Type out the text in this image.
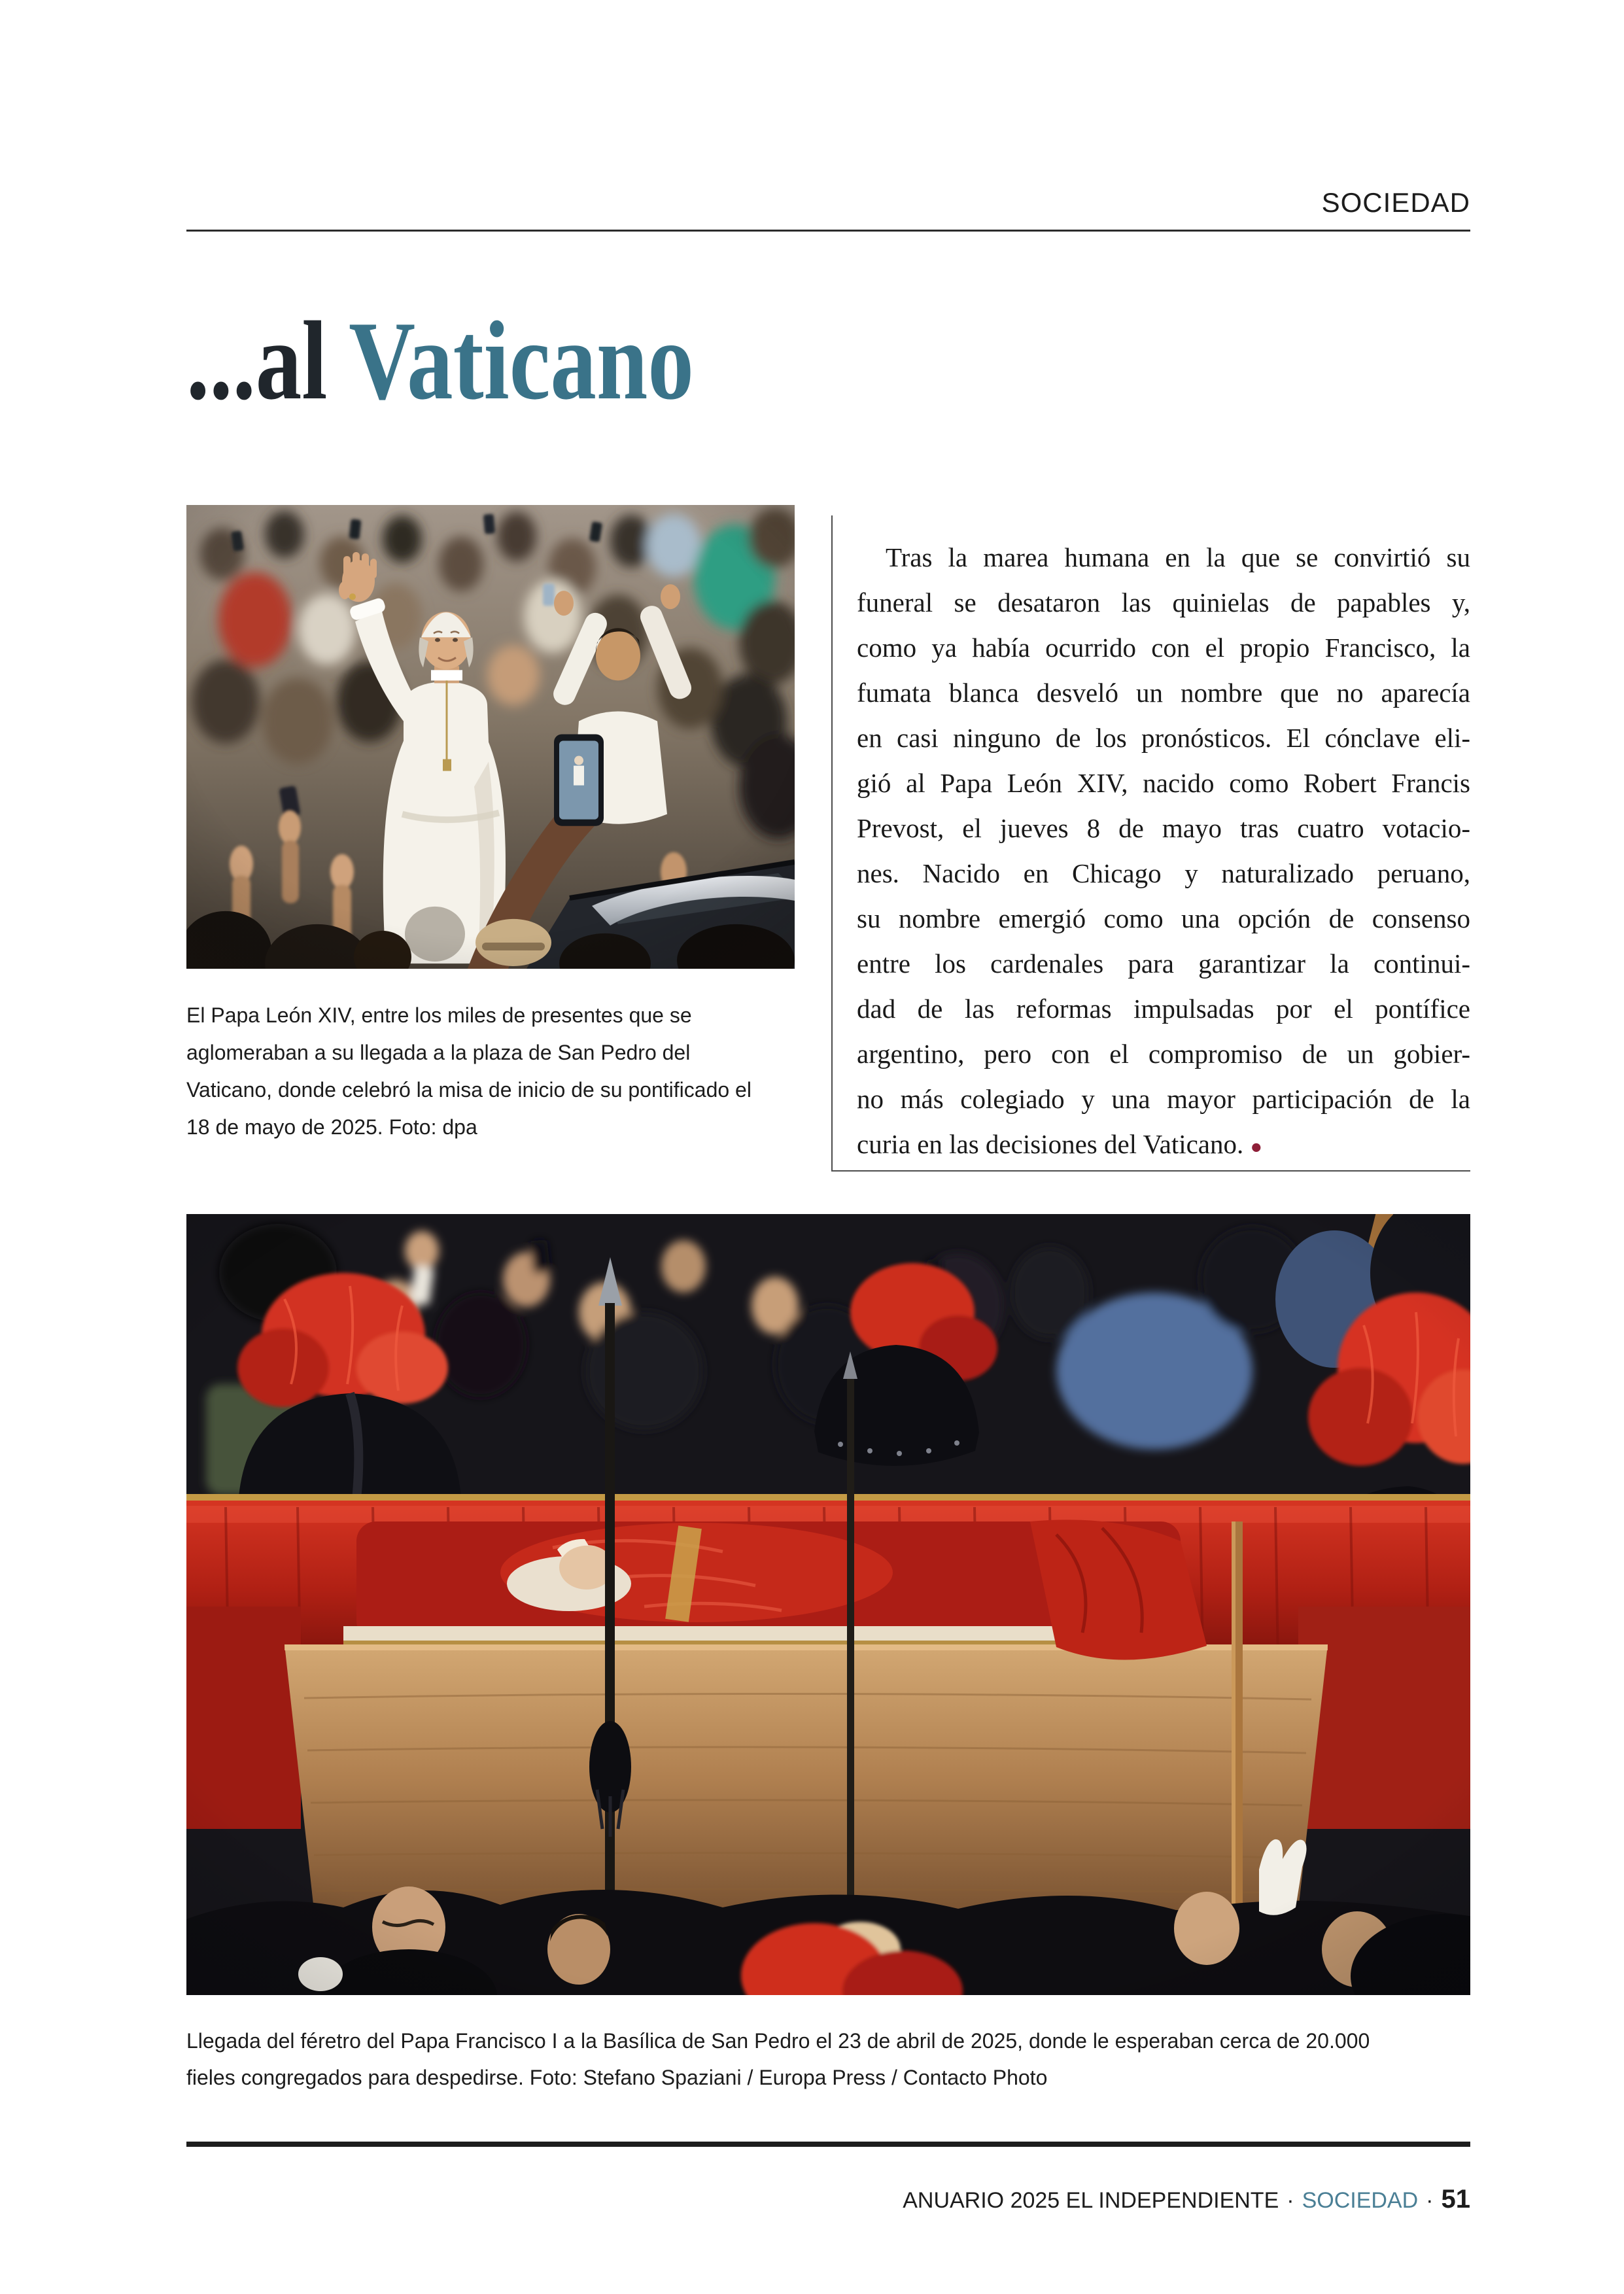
SOCIEDAD
...al Vaticano
El Papa León XIV, entre los miles de presentes que se
aglomeraban a su llegada a la plaza de San Pedro del
Vaticano, donde celebró la misa de inicio de su pontificado el
18 de mayo de 2025. Foto: dpa
Tras la marea humana en la que se convirtió su
funeral se desataron las quinielas de papables y,
como ya había ocurrido con el propio Francisco, la
fumata blanca desveló un nombre que no aparecía
en casi ninguno de los pronósticos. El cónclave eli-
gió al Papa León XIV, nacido como Robert Francis
Prevost, el jueves 8 de mayo tras cuatro votacio-
nes. Nacido en Chicago y naturalizado peruano,
su nombre emergió como una opción de consenso
entre los cardenales para garantizar la continui-
dad de las reformas impulsadas por el pontífice
argentino, pero con el compromiso de un gobier-
no más colegiado y una mayor participación de la
curia en las decisiones del Vaticano. ●
Llegada del féretro del Papa Francisco I a la Basílica de San Pedro el 23 de abril de 2025, donde le esperaban cerca de 20.000
fieles congregados para despedirse. Foto: Stefano Spaziani / Europa Press / Contacto Photo
ANUARIO 2025 EL INDEPENDIENTE · SOCIEDAD · 51
